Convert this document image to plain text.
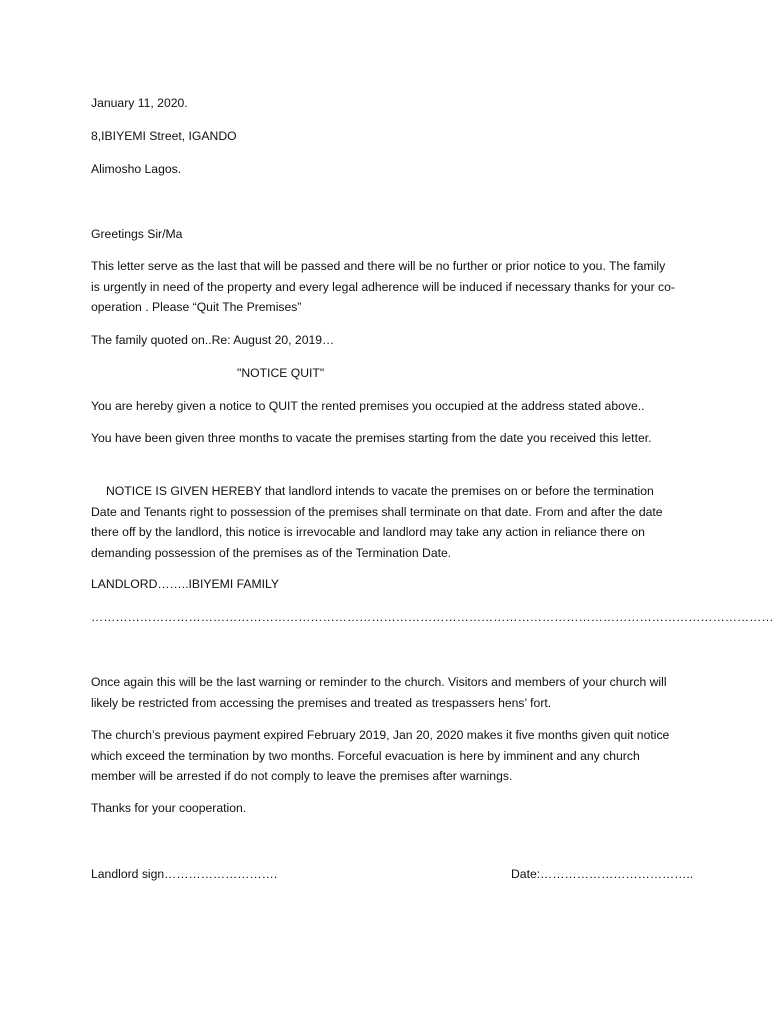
January 11, 2020.

8,IBIYEMI Street, IGANDO

Alimosho Lagos.

Greetings Sir/Ma

This letter serve as the last that will be passed and there will be no further or prior notice to you. The family is urgently in need of the property and every legal adherence will be induced if necessary thanks for your co-operation . Please “Quit The Premises”

The family quoted on..Re: August 20, 2019…

"NOTICE QUIT"

You are hereby given a notice to QUIT the rented premises you occupied at the address stated above..

You have been given three months to vacate the premises starting from the date you received this letter.

NOTICE IS GIVEN HEREBY that landlord intends to vacate the premises on or before the termination Date and Tenants right to possession of the premises shall terminate on that date. From and after the date there off by the landlord, this notice is irrevocable and landlord may take any action in reliance there on demanding possession of the premises as of the Termination Date.

LANDLORD……..IBIYEMI FAMILY

……………………………………………………………………………………………………………………………………………………

Once again this will be the last warning or reminder to the church. Visitors and members of your church will likely be restricted from accessing the premises and treated as trespassers hens’ fort.

The church’s previous payment expired February 2019, Jan 20, 2020 makes it five months given quit notice which exceed the termination by two months. Forceful evacuation is here by imminent and any church member will be arrested if do not comply to leave the premises after warnings.

Thanks for your cooperation.

Landlord sign……………………….	Date:………………………………..
